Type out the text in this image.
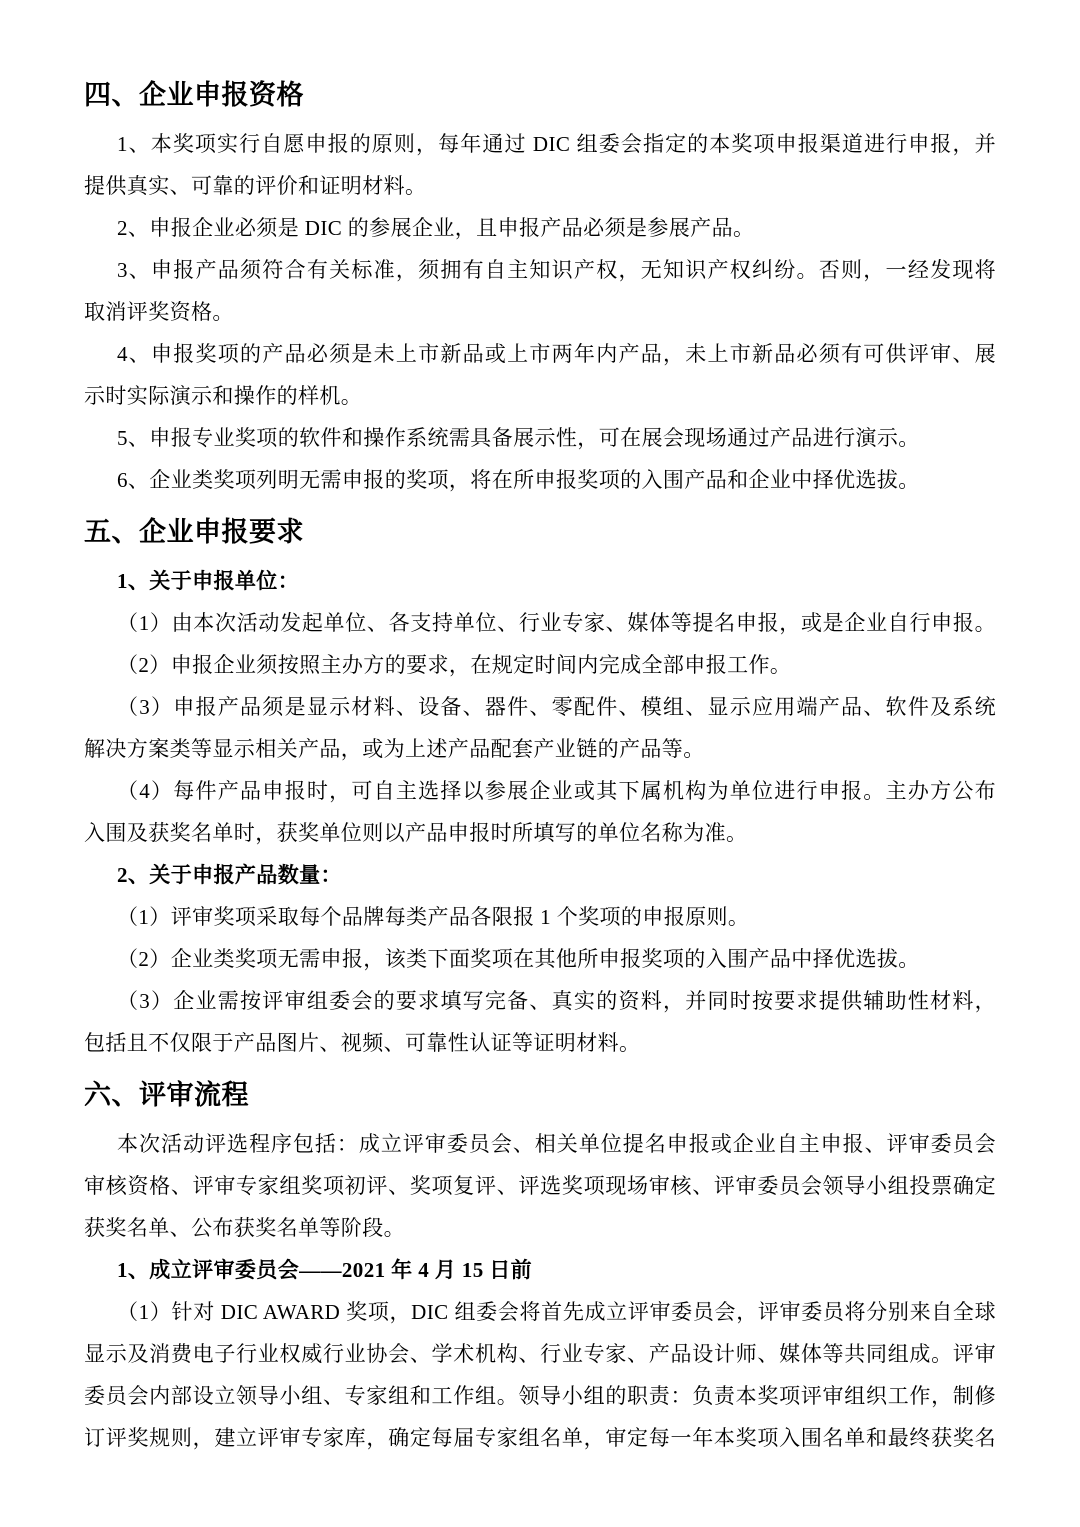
四、企业申报资格
1、本奖项实行自愿申报的原则，每年通过 DIC 组委会指定的本奖项申报渠道进行申报，并
提供真实、可靠的评价和证明材料。
2、申报企业必须是 DIC 的参展企业，且申报产品必须是参展产品。
3、申报产品须符合有关标准，须拥有自主知识产权，无知识产权纠纷。否则，一经发现将
取消评奖资格。
4、申报奖项的产品必须是未上市新品或上市两年内产品，未上市新品必须有可供评审、展
示时实际演示和操作的样机。
5、申报专业奖项的软件和操作系统需具备展示性，可在展会现场通过产品进行演示。
6、企业类奖项列明无需申报的奖项，将在所申报奖项的入围产品和企业中择优选拔。
五、企业申报要求
1、关于申报单位：
（1）由本次活动发起单位、各支持单位、行业专家、媒体等提名申报，或是企业自行申报。
（2）申报企业须按照主办方的要求，在规定时间内完成全部申报工作。
（3）申报产品须是显示材料、设备、器件、零配件、模组、显示应用端产品、软件及系统
解决方案类等显示相关产品，或为上述产品配套产业链的产品等。
（4）每件产品申报时，可自主选择以参展企业或其下属机构为单位进行申报。主办方公布
入围及获奖名单时，获奖单位则以产品申报时所填写的单位名称为准。
2、关于申报产品数量：
（1）评审奖项采取每个品牌每类产品各限报 1 个奖项的申报原则。
（2）企业类奖项无需申报，该类下面奖项在其他所申报奖项的入围产品中择优选拔。
（3）企业需按评审组委会的要求填写完备、真实的资料，并同时按要求提供辅助性材料，
包括且不仅限于产品图片、视频、可靠性认证等证明材料。
六、评审流程
本次活动评选程序包括：成立评审委员会、相关单位提名申报或企业自主申报、评审委员会
审核资格、评审专家组奖项初评、奖项复评、评选奖项现场审核、评审委员会领导小组投票确定
获奖名单、公布获奖名单等阶段。
1、成立评审委员会——2021 年 4 月 15 日前
（1）针对 DIC AWARD 奖项，DIC 组委会将首先成立评审委员会，评审委员将分别来自全球
显示及消费电子行业权威行业协会、学术机构、行业专家、产品设计师、媒体等共同组成。评审
委员会内部设立领导小组、专家组和工作组。领导小组的职责：负责本奖项评审组织工作，制修
订评奖规则，建立评审专家库，确定每届专家组名单，审定每一年本奖项入围名单和最终获奖名
